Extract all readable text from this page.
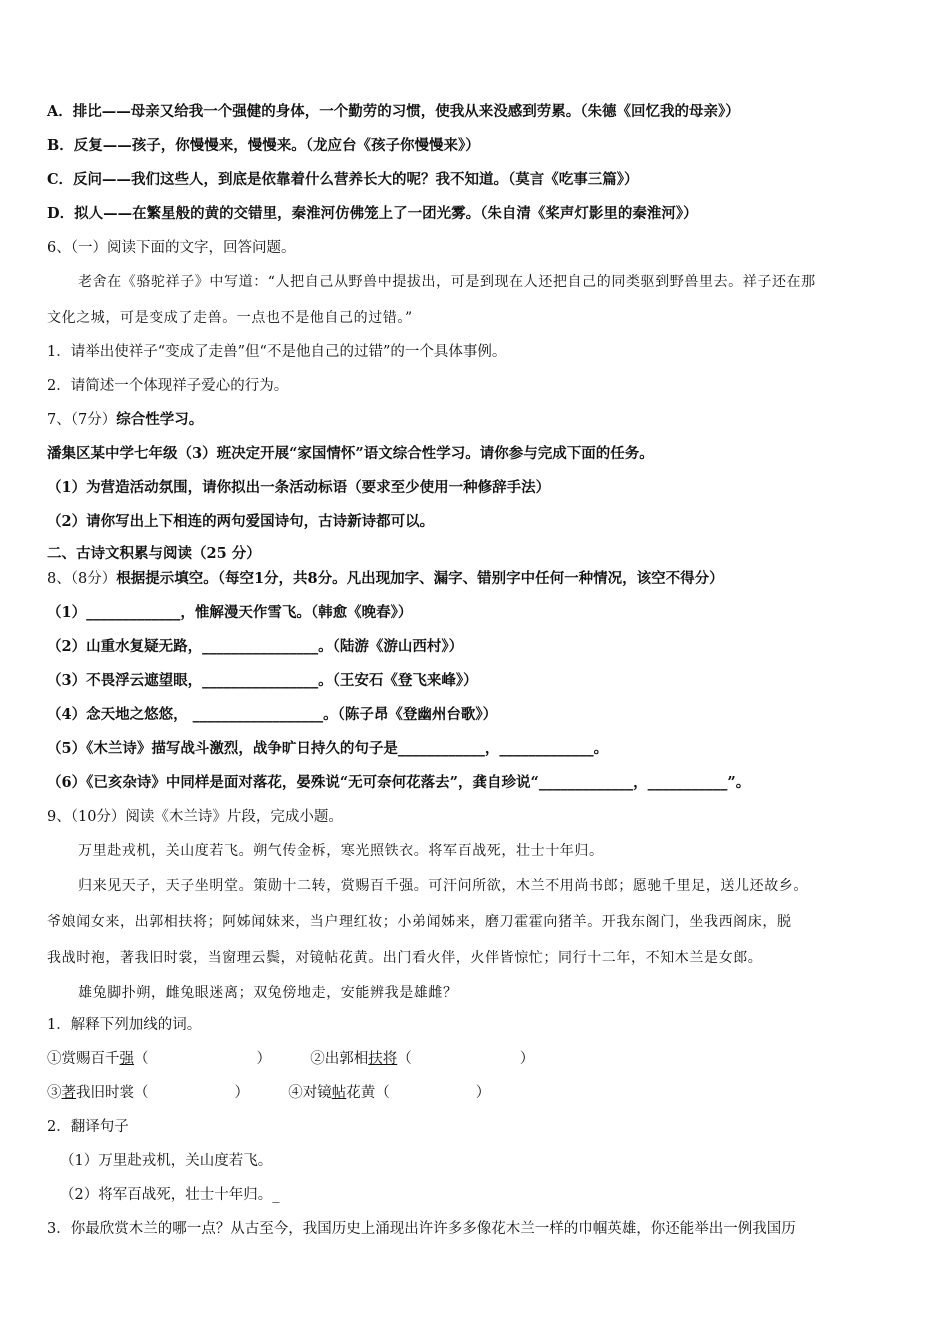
A．排比——母亲又给我一个强健的身体，一个勤劳的习惯，使我从来没感到劳累。（朱德《回忆我的母亲》）
B．反复——孩子，你慢慢来，慢慢来。（龙应台《孩子你慢慢来》）
C．反问——我们这些人，到底是依靠着什么营养长大的呢？我不知道。（莫言《吃事三篇》）
D．拟人——在繁星般的黄的交错里，秦淮河仿佛笼上了一团光雾。（朱自清《桨声灯影里的秦淮河》）
6、（一）阅读下面的文字，回答问题。
老舍在《骆驼祥子》中写道：“人把自己从野兽中提拔出，可是到现在人还把自己的同类驱到野兽里去。祥子还在那
文化之城，可是变成了走兽。一点也不是他自己的过错。”
1．请举出使祥子“变成了走兽”但“不是他自己的过错”的一个具体事例。
2．请简述一个体现祥子爱心的行为。
7、（7分）综合性学习。
潘集区某中学七年级（3）班决定开展“家国情怀”语文综合性学习。请你参与完成下面的任务。
（1）为营造活动氛围，请你拟出一条活动标语（要求至少使用一种修辞手法）
（2）请你写出上下相连的两句爱国诗句，古诗新诗都可以。
二、古诗文积累与阅读（25 分）
8、（8分）根据提示填空。（每空1分，共8分。凡出现加字、漏字、错别字中任何一种情况，该空不得分）
（1）_____________，惟解漫天作雪飞。（韩愈《晚春》）
（2）山重水复疑无路，________________。（陆游《游山西村》）
（3）不畏浮云遮望眼，________________。（王安石《登飞来峰》）
（4）念天地之悠悠， __________________。（陈子昂《登幽州台歌》）
（5）《木兰诗》描写战斗激烈，战争旷日持久的句子是____________，_____________。
（6）《已亥杂诗》中同样是面对落花，晏殊说“无可奈何花落去”，龚自珍说“_____________，___________”。
9、（10分）阅读《木兰诗》片段，完成小题。
万里赴戎机，关山度若飞。朔气传金柝，寒光照铁衣。将军百战死，壮士十年归。
归来见天子，天子坐明堂。策勋十二转，赏赐百千强。可汗问所欲，木兰不用尚书郎；愿驰千里足，送儿还故乡。
爷娘闻女来，出郭相扶将；阿姊闻妹来，当户理红妆；小弟闻姊来，磨刀霍霍向猪羊。开我东阁门，坐我西阁床，脱
我战时袍，著我旧时裳，当窗理云鬓，对镜帖花黄。出门看火伴，火伴皆惊忙；同行十二年，不知木兰是女郎。
雄兔脚扑朔，雌兔眼迷离；双兔傍地走，安能辨我是雄雌？
1．解释下列加线的词。
①赏赐百千强（	）	②出郭相扶将（	）
③著我旧时裳（	）	④对镜帖花黄（	）
2．翻译句子
（1）万里赴戎机，关山度若飞。
（2）将军百战死，壮士十年归。_
3．你最欣赏木兰的哪一点？从古至今，我国历史上涌现出许许多多像花木兰一样的巾帼英雄，你还能举出一例我国历
